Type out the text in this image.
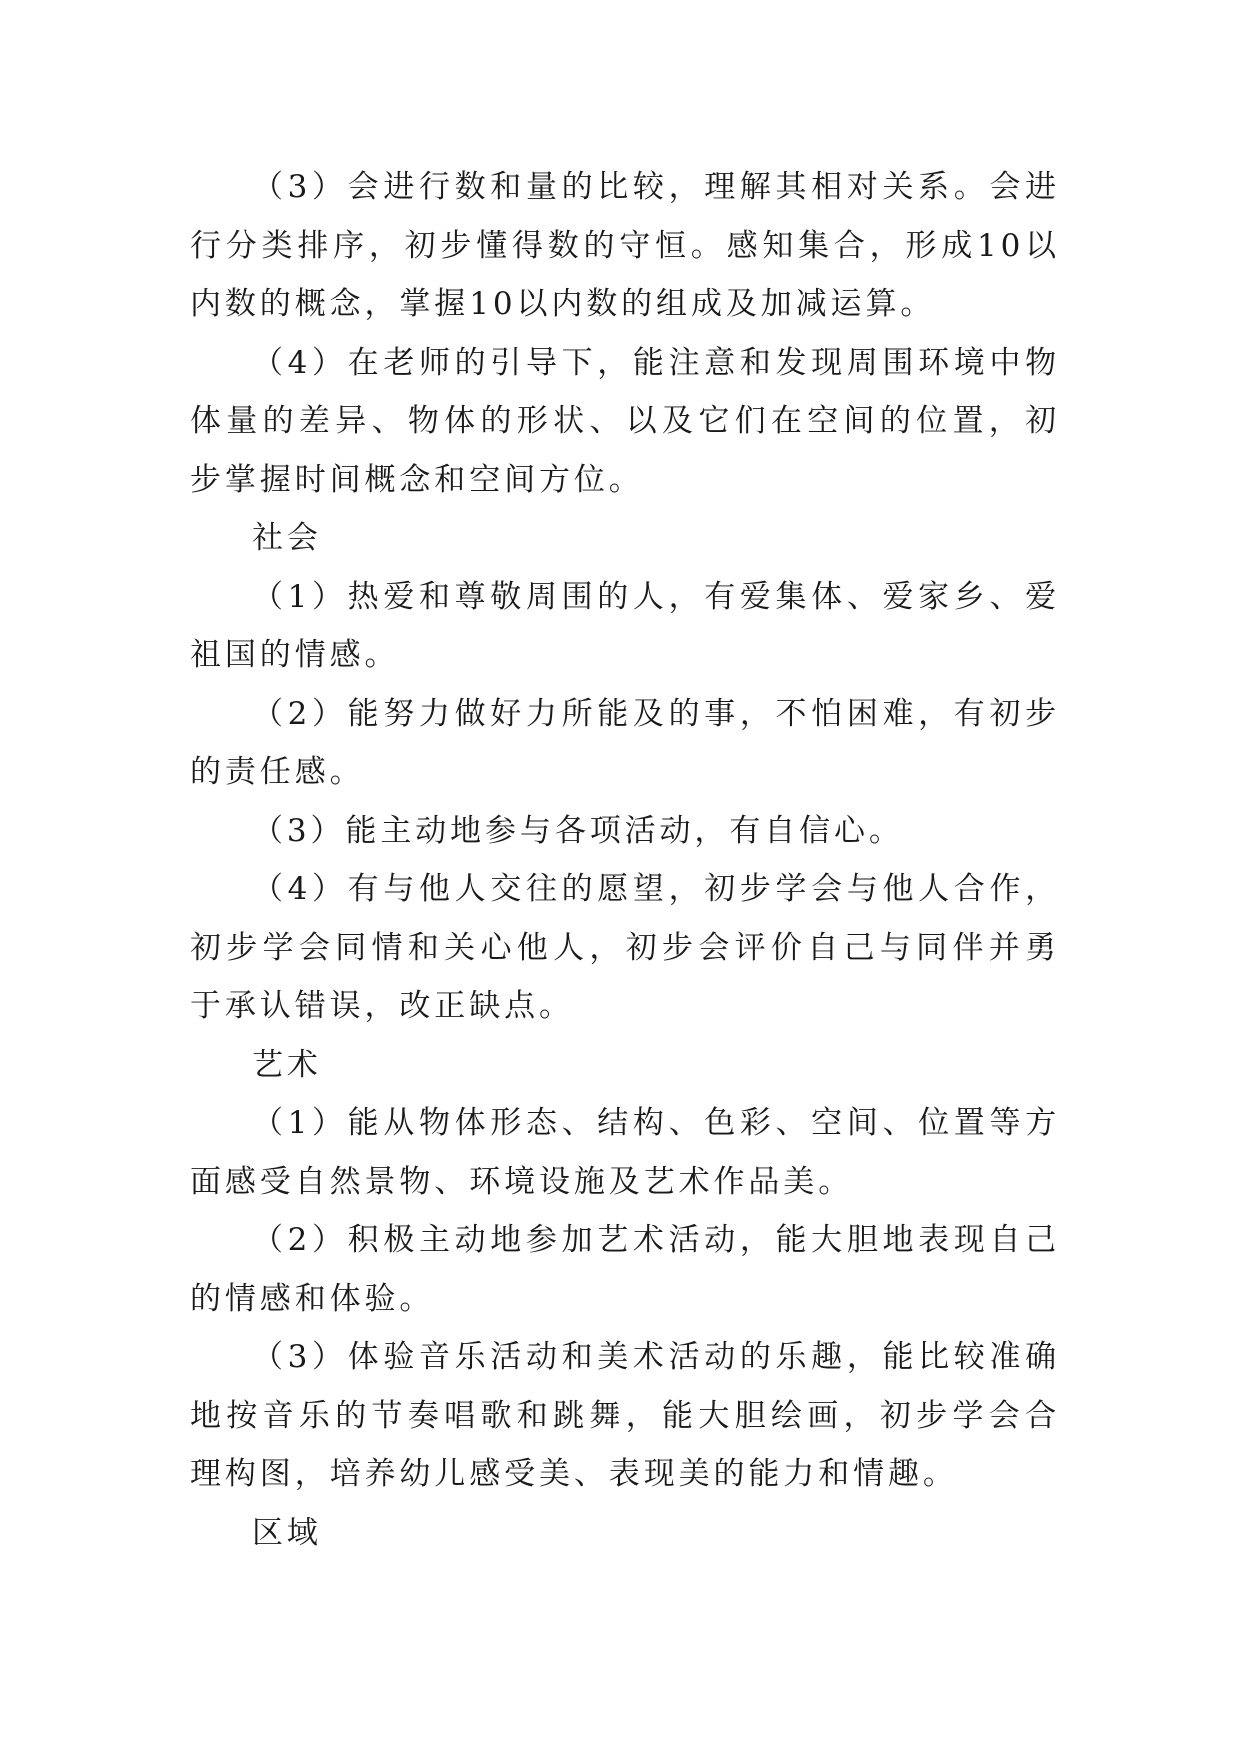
（3）会进行数和量的比较，理解其相对关系。会进行分类排序，初步懂得数的守恒。感知集合，形成10以内数的概念，掌握10以内数的组成及加减运算。

（4）在老师的引导下，能注意和发现周围环境中物体量的差异、物体的形状、以及它们在空间的位置，初步掌握时间概念和空间方位。

社会

（1）热爱和尊敬周围的人，有爱集体、爱家乡、爱祖国的情感。

（2）能努力做好力所能及的事，不怕困难，有初步的责任感。

（3）能主动地参与各项活动，有自信心。

（4）有与他人交往的愿望，初步学会与他人合作，初步学会同情和关心他人，初步会评价自己与同伴并勇于承认错误，改正缺点。

艺术

（1）能从物体形态、结构、色彩、空间、位置等方面感受自然景物、环境设施及艺术作品美。

（2）积极主动地参加艺术活动，能大胆地表现自己的情感和体验。

（3）体验音乐活动和美术活动的乐趣，能比较准确地按音乐的节奏唱歌和跳舞，能大胆绘画，初步学会合理构图，培养幼儿感受美、表现美的能力和情趣。

区域
